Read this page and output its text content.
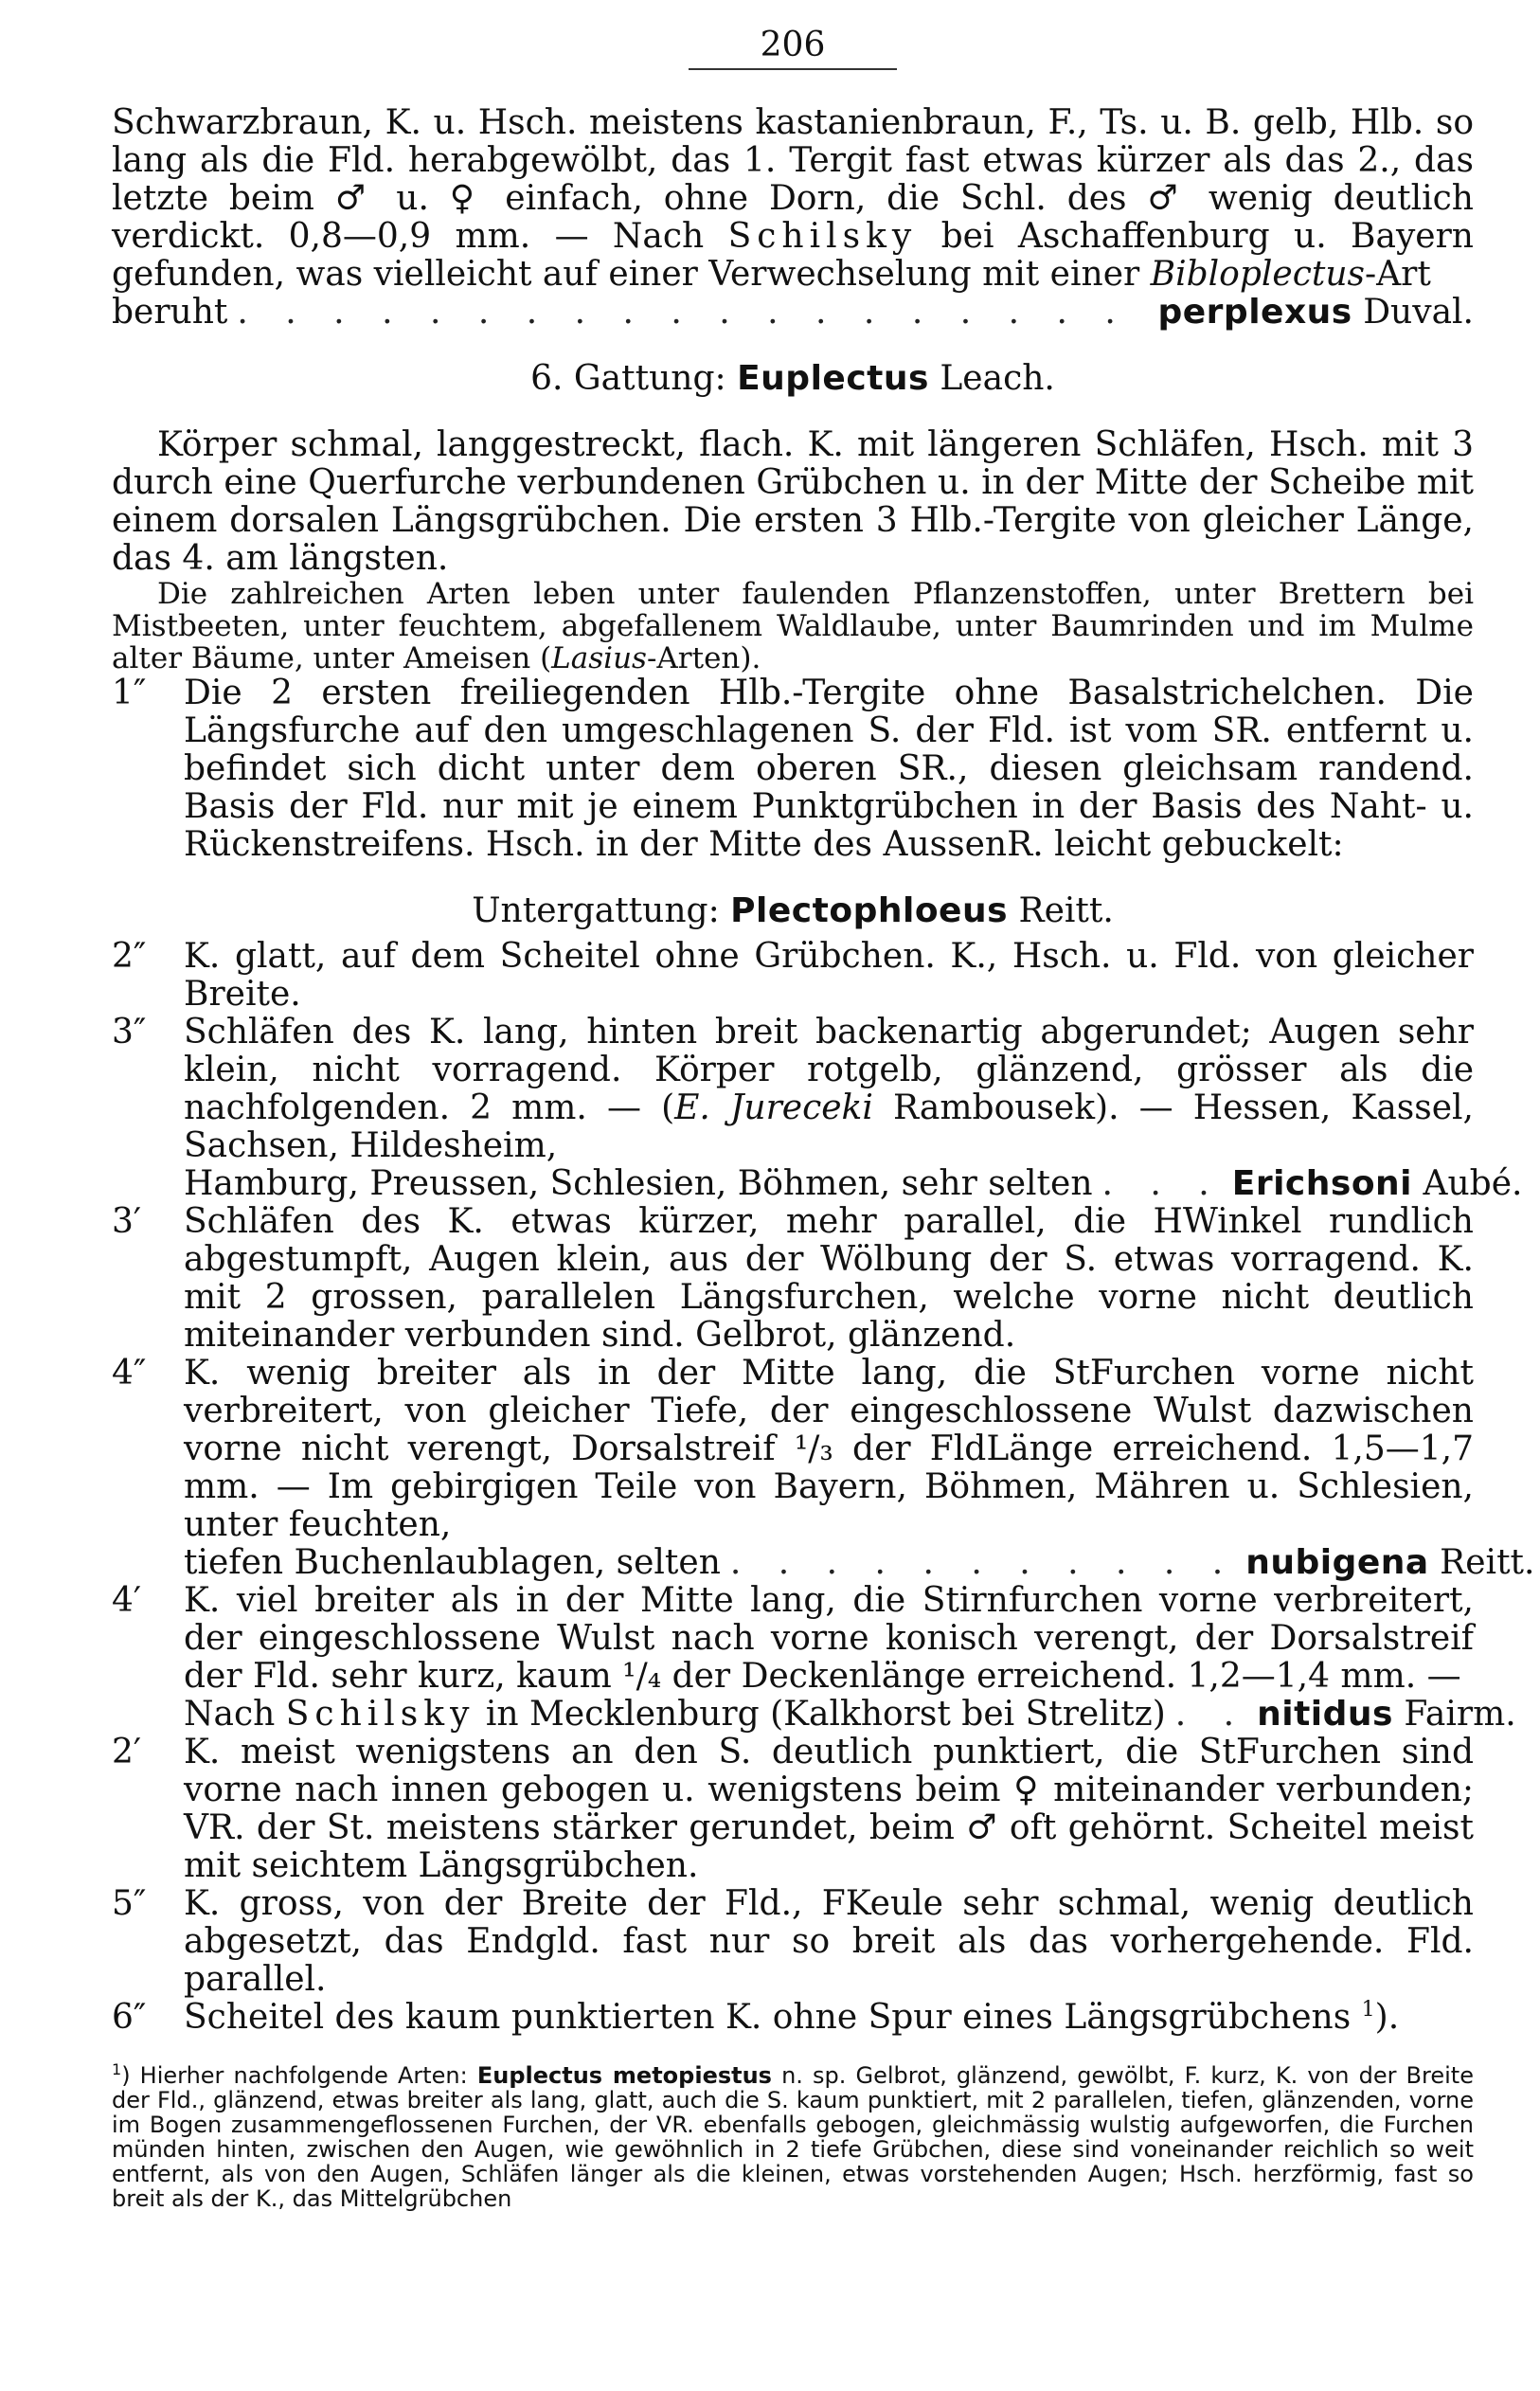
206

Schwarzbraun, K. u. Hsch. meistens kastanienbraun, F., Ts. u. B. gelb, Hlb. so lang als die Fld. herabgewölbt, das 1. Tergit fast etwas kürzer als das 2., das letzte beim ♂ u. ♀ einfach, ohne Dorn, die Schl. des ♂ wenig deutlich verdickt. 0,8—0,9 mm. — Nach Schilsky bei Aschaffenburg u. Bayern gefunden, was vielleicht auf einer Verwechselung mit einer Bibloplectus-Art

beruht . . . . . . . . . . . . . . . . . . . perplexus Duval.

6. Gattung: Euplectus Leach.

Körper schmal, langgestreckt, flach. K. mit längeren Schläfen, Hsch. mit 3 durch eine Querfurche verbundenen Grübchen u. in der Mitte der Scheibe mit einem dorsalen Längsgrübchen. Die ersten 3 Hlb.-Tergite von gleicher Länge, das 4. am längsten.

Die zahlreichen Arten leben unter faulenden Pflanzenstoffen, unter Brettern bei Mistbeeten, unter feuchtem, abgefallenem Waldlaube, unter Baumrinden und im Mulme alter Bäume, unter Ameisen (Lasius-Arten).

1″	Die 2 ersten freiliegenden Hlb.-Tergite ohne Basalstrichelchen. Die Längsfurche auf den umgeschlagenen S. der Fld. ist vom SR. entfernt u. befindet sich dicht unter dem oberen SR., diesen gleichsam randend. Basis der Fld. nur mit je einem Punktgrübchen in der Basis des Naht- u. Rückenstreifens. Hsch. in der Mitte des AussenR. leicht gebuckelt:

Untergattung: Plectophloeus Reitt.

2″	K. glatt, auf dem Scheitel ohne Grübchen. K., Hsch. u. Fld. von gleicher Breite.
3″	Schläfen des K. lang, hinten breit backenartig abgerundet; Augen sehr klein, nicht vorragend. Körper rotgelb, glänzend, grösser als die nachfolgenden. 2 mm. — (E. Jureceki Rambousek). — Hessen, Kassel, Sachsen, Hildesheim,
Hamburg, Preussen, Schlesien, Böhmen, sehr selten . . . Erichsoni Aubé.
3′	Schläfen des K. etwas kürzer, mehr parallel, die HWinkel rundlich abgestumpft, Augen klein, aus der Wölbung der S. etwas vorragend. K. mit 2 grossen, parallelen Längsfurchen, welche vorne nicht deutlich miteinander verbunden sind. Gelbrot, glänzend.
4″	K. wenig breiter als in der Mitte lang, die StFurchen vorne nicht verbreitert, von gleicher Tiefe, der eingeschlossene Wulst dazwischen vorne nicht verengt, Dorsalstreif ¹/₃ der FldLänge erreichend. 1,5—1,7 mm. — Im gebirgigen Teile von Bayern, Böhmen, Mähren u. Schlesien, unter feuchten,
tiefen Buchenlaublagen, selten . . . . . . . . . . . nubigena Reitt.
4′	K. viel breiter als in der Mitte lang, die Stirnfurchen vorne verbreitert, der eingeschlossene Wulst nach vorne konisch verengt, der Dorsalstreif der Fld. sehr kurz, kaum ¹/₄ der Deckenlänge erreichend. 1,2—1,4 mm. —
Nach Schilsky in Mecklenburg (Kalkhorst bei Strelitz) . . nitidus Fairm.
2′	K. meist wenigstens an den S. deutlich punktiert, die StFurchen sind vorne nach innen gebogen u. wenigstens beim ♀ miteinander verbunden; VR. der St. meistens stärker gerundet, beim ♂ oft gehörnt. Scheitel meist mit seichtem Längsgrübchen.
5″	K. gross, von der Breite der Fld., FKeule sehr schmal, wenig deutlich abgesetzt, das Endgld. fast nur so breit als das vorhergehende. Fld. parallel.
6″	Scheitel des kaum punktierten K. ohne Spur eines Längsgrübchens $^1$).

$^1$) Hierher nachfolgende Arten: Euplectus metopiestus n. sp. Gelbrot, glänzend, gewölbt, F. kurz, K. von der Breite der Fld., glänzend, etwas breiter als lang, glatt, auch die S. kaum punktiert, mit 2 parallelen, tiefen, glänzenden, vorne im Bogen zusammengeflossenen Furchen, der VR. ebenfalls gebogen, gleichmässig wulstig aufgeworfen, die Furchen münden hinten, zwischen den Augen, wie gewöhnlich in 2 tiefe Grübchen, diese sind voneinander reichlich so weit entfernt, als von den Augen, Schläfen länger als die kleinen, etwas vorstehenden Augen; Hsch. herzförmig, fast so breit als der K., das Mittelgrübchen
